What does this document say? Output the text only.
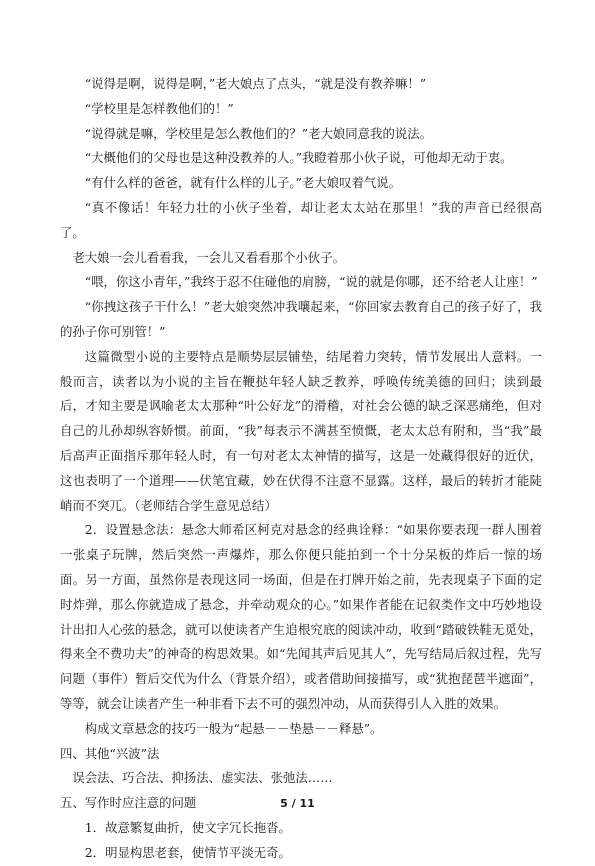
“说得是啊，说得是啊，”老大娘点了点头，“就是没有教养嘛！”

“学校里是怎样教他们的！”

“说得就是嘛，学校里是怎么教他们的？”老大娘同意我的说法。

“大概他们的父母也是这种没教养的人。”我瞪着那小伙子说，可他却无动于衷。

“有什么样的爸爸，就有什么样的儿子。”老大娘叹着气说。

“真不像话！年轻力壮的小伙子坐着，却让老太太站在那里！”我的声音已经很高了。

老大娘一会儿看看我，一会儿又看看那个小伙子。

“喂，你这小青年，”我终于忍不住碰他的肩膀，“说的就是你哪，还不给老人让座！”

“你拽这孩子干什么！”老大娘突然冲我嚷起来，“你回家去教育自己的孩子好了，我的孙子你可别管！”

这篇微型小说的主要特点是顺势层层铺垫，结尾着力突转，情节发展出人意料。一般而言，读者以为小说的主旨在鞭挞年轻人缺乏教养，呼唤传统美德的回归；读到最后，才知主要是讽喻老太太那种“叶公好龙”的滑稽，对社会公德的缺乏深恶痛绝，但对自己的儿孙却纵容娇惯。前面，“我”每表示不满甚至愤慨，老太太总有附和，当“我”最后高声正面指斥那年轻人时，有一句对老太太神情的描写，这是一处藏得很好的近伏，这也表明了一个道理——伏笔宜藏，妙在伏得不注意不显露。这样，最后的转折才能陡峭而不突兀。（老师结合学生意见总结）

2．设置悬念法：悬念大师希区柯克对悬念的经典诠释：“如果你要表现一群人围着一张桌子玩牌，然后突然一声爆炸，那么你便只能拍到一个十分呆板的炸后一惊的场面。另一方面，虽然你是表现这同一场面，但是在打牌开始之前，先表现桌子下面的定时炸弹，那么你就造成了悬念，并牵动观众的心。”如果作者能在记叙类作文中巧妙地设计出扣人心弦的悬念，就可以使读者产生追根究底的阅读冲动，收到“踏破铁鞋无觅处，得来全不费功夫”的神奇的构思效果。如“先闻其声后见其人”，先写结局后叙过程，先写问题（事件）暂后交代为什么（背景介绍），或者借助间接描写，或“犹抱琵琶半遮面”，等等，就会让读者产生一种非看下去不可的强烈冲动，从而获得引人入胜的效果。

构成文章悬念的技巧一般为“起悬－－垫悬－－释悬”。

四、其他“兴波”法

误会法、巧合法、抑扬法、虚实法、张弛法……

五、写作时应注意的问题

1．故意繁复曲折，使文字冗长拖沓。

2．明显构思老套，使情节平淡无奇。

5 / 11
